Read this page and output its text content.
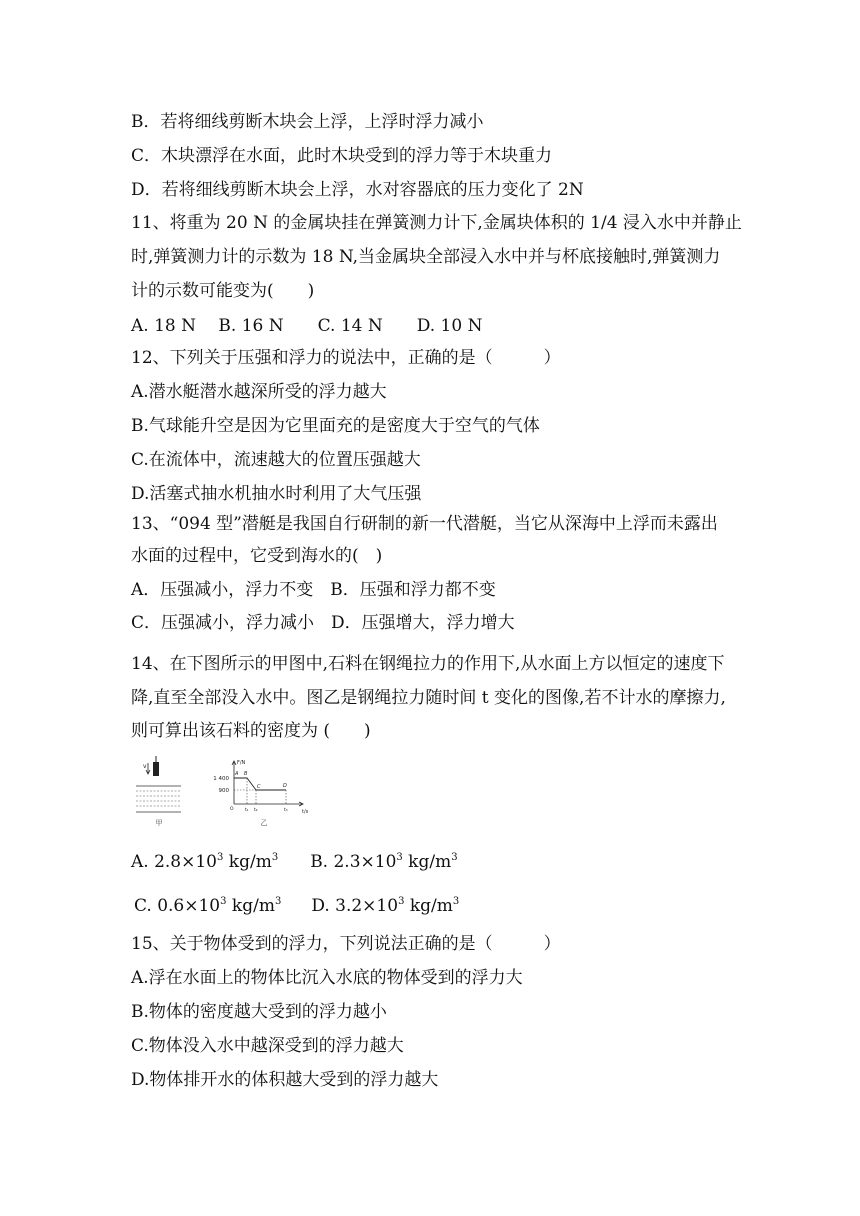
B．若将细线剪断木块会上浮，上浮时浮力减小
C．木块漂浮在水面，此时木块受到的浮力等于木块重力
D．若将细线剪断木块会上浮，水对容器底的压力变化了 2N
11、将重为 20 N 的金属块挂在弹簧测力计下,金属块体积的 1/4 浸入水中并静止
时,弹簧测力计的示数为 18 N,当金属块全部浸入水中并与杯底接触时,弹簧测力
计的示数可能变为(　　)
A. 18 N　 B. 16 N　　C. 14 N　　D. 10 N
12、下列关于压强和浮力的说法中，正确的是（　　　）
A.潜水艇潜水越深所受的浮力越大
B.气球能升空是因为它里面充的是密度大于空气的气体
C.在流体中，流速越大的位置压强越大
D.活塞式抽水机抽水时利用了大气压强
13、“094 型”潜艇是我国自行研制的新一代潜艇，当它从深海中上浮而未露出
水面的过程中，它受到海水的(　)
A．压强减小，浮力不变　B．压强和浮力都不变
C．压强减小，浮力减小　D．压强增大，浮力增大
14、在下图所示的甲图中,石料在钢绳拉力的作用下,从水面上方以恒定的速度下
降,直至全部没入水中。图乙是钢绳拉力随时间 t 变化的图像,若不计水的摩擦力,
则可算出该石料的密度为 (　　)
v
甲
F/N
t/s
1 400
900
A B
C	D
t₁ t₂	t₃
O
乙
A. $2.8\times 10^3$ $kg/m^3$ B. $2.3\times 10^3$ $kg/m^3$
C. $0.6\times 10^3$ $kg/m^3$ D. $3.2\times 10^3$ $kg/m^3$
15、关于物体受到的浮力，下列说法正确的是（　　　）
A.浮在水面上的物体比沉入水底的物体受到的浮力大
B.物体的密度越大受到的浮力越小
C.物体没入水中越深受到的浮力越大
D.物体排开水的体积越大受到的浮力越大
